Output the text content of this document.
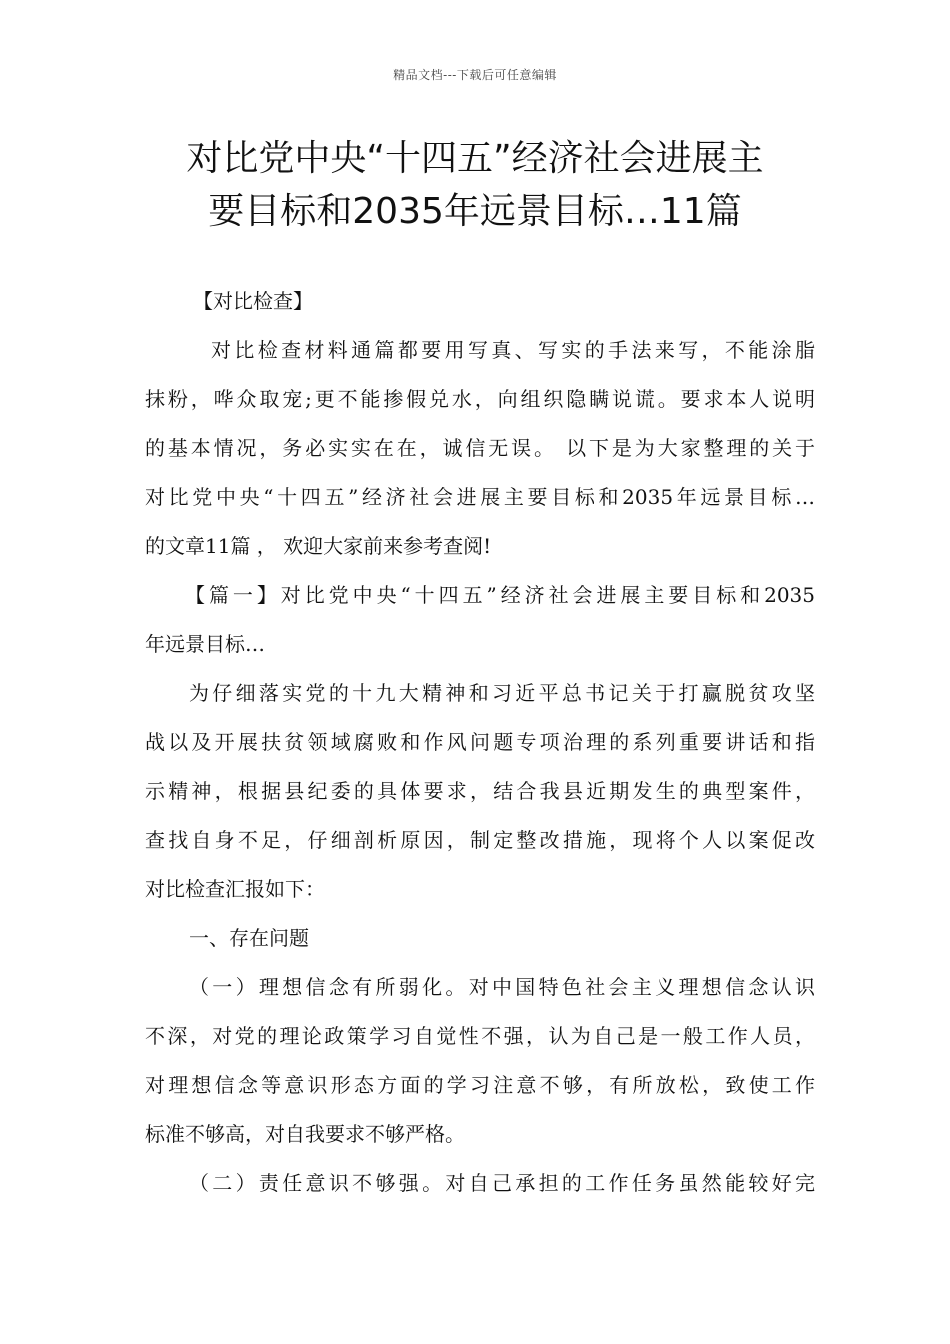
精品文档---下载后可任意编辑
对比党中央“十四五”经济社会进展主
要目标和2035年远景目标…11篇

【对比检查】

对比检查材料通篇都要用写真、写实的手法来写，不能涂脂
抹粉，哗众取宠;更不能掺假兑水，向组织隐瞒说谎。要求本人说明
的基本情况，务必实实在在，诚信无误。 以下是为大家整理的关于
对比党中央“十四五”经济社会进展主要目标和2035年远景目标…
的文章11篇 ， 欢迎大家前来参考查阅!

【篇一】对比党中央“十四五”经济社会进展主要目标和2035
年远景目标…

为仔细落实党的十九大精神和习近平总书记关于打赢脱贫攻坚
战以及开展扶贫领域腐败和作风问题专项治理的系列重要讲话和指
示精神，根据县纪委的具体要求，结合我县近期发生的典型案件，
查找自身不足，仔细剖析原因，制定整改措施，现将个人以案促改
对比检查汇报如下：

一、存在问题

（一）理想信念有所弱化。对中国特色社会主义理想信念认识
不深，对党的理论政策学习自觉性不强，认为自己是一般工作人员，
对理想信念等意识形态方面的学习注意不够，有所放松，致使工作
标准不够高，对自我要求不够严格。

（二）责任意识不够强。对自己承担的工作任务虽然能较好完
